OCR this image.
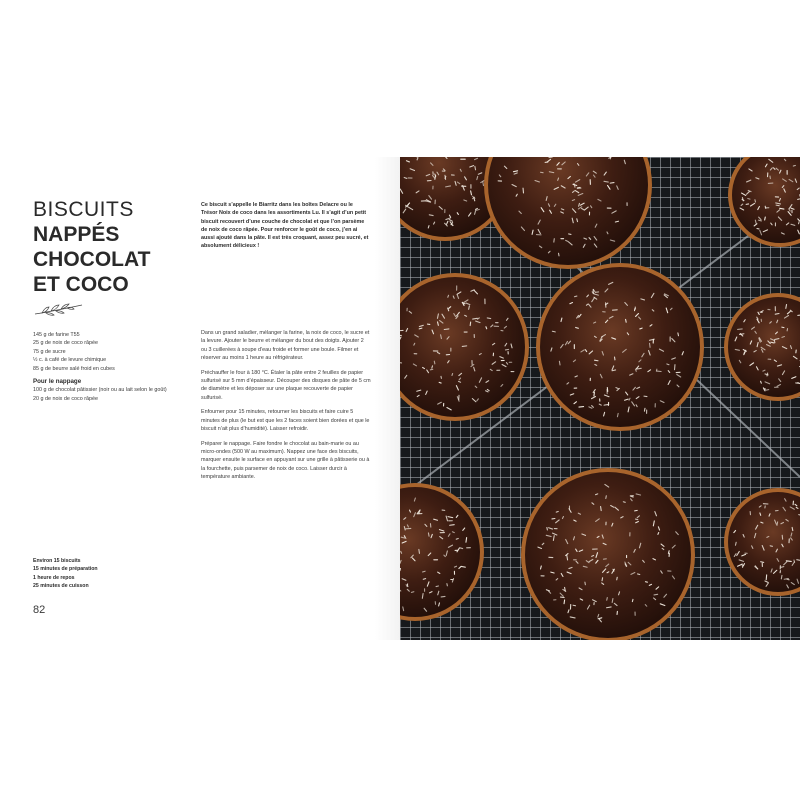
BISCUITS
NAPPÉS
CHOCOLAT
ET COCO
Ce biscuit s’appelle le Biarritz dans les boîtes Delacre ou le Trésor Noix de coco dans les assortiments Lu. Il s’agit d’un petit biscuit recouvert d’une couche de chocolat et que l’on parsème de noix de coco râpée. Pour renforcer le goût de coco, j’en ai aussi ajouté dans la pâte. Il est très croquant, assez peu sucré, et absolument délicieux !
145 g de farine T55
25 g de noix de coco râpée
75 g de sucre
½ c. à café de levure chimique
85 g de beurre salé froid en cubes
Pour le nappage
100 g de chocolat pâtissier (noir ou au lait selon le goût)
20 g de noix de coco râpée

Dans un grand saladier, mélanger la farine, la noix de coco, le sucre et la levure. Ajouter le beurre et mélanger du bout des doigts. Ajouter 2 ou 3 cuillerées à soupe d’eau froide et former une boule. Filmer et réserver au moins 1 heure au réfrigérateur.

Préchauffer le four à 180 °C. Étaler la pâte entre 2 feuilles de papier sulfurisé sur 5 mm d’épaisseur. Découper des disques de pâte de 5 cm de diamètre et les déposer sur une plaque recouverte de papier sulfurisé.

Enfourner pour 15 minutes, retourner les biscuits et faire cuire 5 minutes de plus (le but est que les 2 faces soient bien dorées et que le biscuit n’ait plus d’humidité). Laisser refroidir.

Préparer le nappage. Faire fondre le chocolat au bain-marie ou au micro-ondes (500 W au maximum). Nappez une face des biscuits, marquer ensuite le surface en appuyant sur une grille à pâtisserie ou à la fourchette, puis parsemer de noix de coco. Laisser durcir à température ambiante.

Environ 15 biscuits
15 minutes de préparation
1 heure de repos
25 minutes de cuisson
82
